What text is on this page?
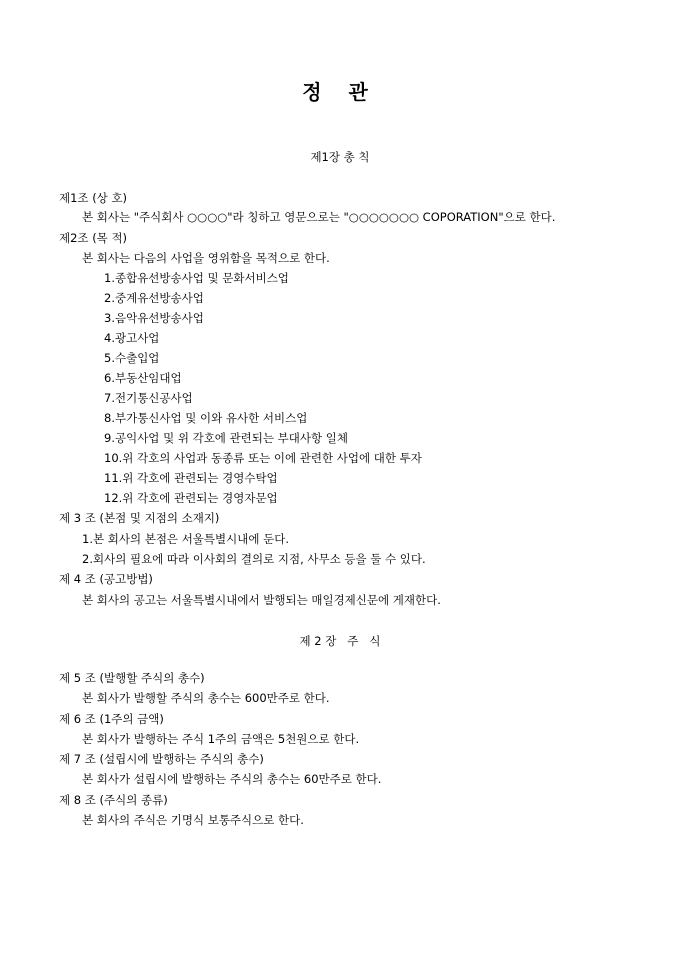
정 관
제1장 총 칙
제1조 (상 호)
본 회사는 "주식회사 ○○○○"라 칭하고 영문으로는 "○○○○○○○ COPORATION"으로 한다.
제2조 (목 적)
본 회사는 다음의 사업을 영위함을 목적으로 한다.
1.종합유선방송사업 및 문화서비스업
2.중계유선방송사업
3.음악유선방송사업
4.광고사업
5.수출입업
6.부동산임대업
7.전기통신공사업
8.부가통신사업 및 이와 유사한 서비스업
9.공익사업 및 위 각호에 관련되는 부대사항 일체
10.위 각호의 사업과 동종류 또는 이에 관련한 사업에 대한 투자
11.위 각호에 관련되는 경영수탁업
12.위 각호에 관련되는 경영자문업
제 3 조 (본점 및 지점의 소재지)
1.본 회사의 본점은 서울특별시내에 둔다.
2.회사의 필요에 따라 이사회의 결의로 지점, 사무소 등을 둘 수 있다.
제 4 조 (공고방법)
본 회사의 공고는 서울특별시내에서 발행되는 매일경제신문에 게재한다.
제 2 장   주   식
제 5 조 (발행할 주식의 총수)
본 회사가 발행할 주식의 총수는 600만주로 한다.
제 6 조 (1주의 금액)
본 회사가 발행하는 주식 1주의 금액은 5천원으로 한다.
제 7 조 (설립시에 발행하는 주식의 총수)
본 회사가 설립시에 발행하는 주식의 총수는 60만주로 한다.
제 8 조 (주식의 종류)
본 회사의 주식은 기명식 보통주식으로 한다.
